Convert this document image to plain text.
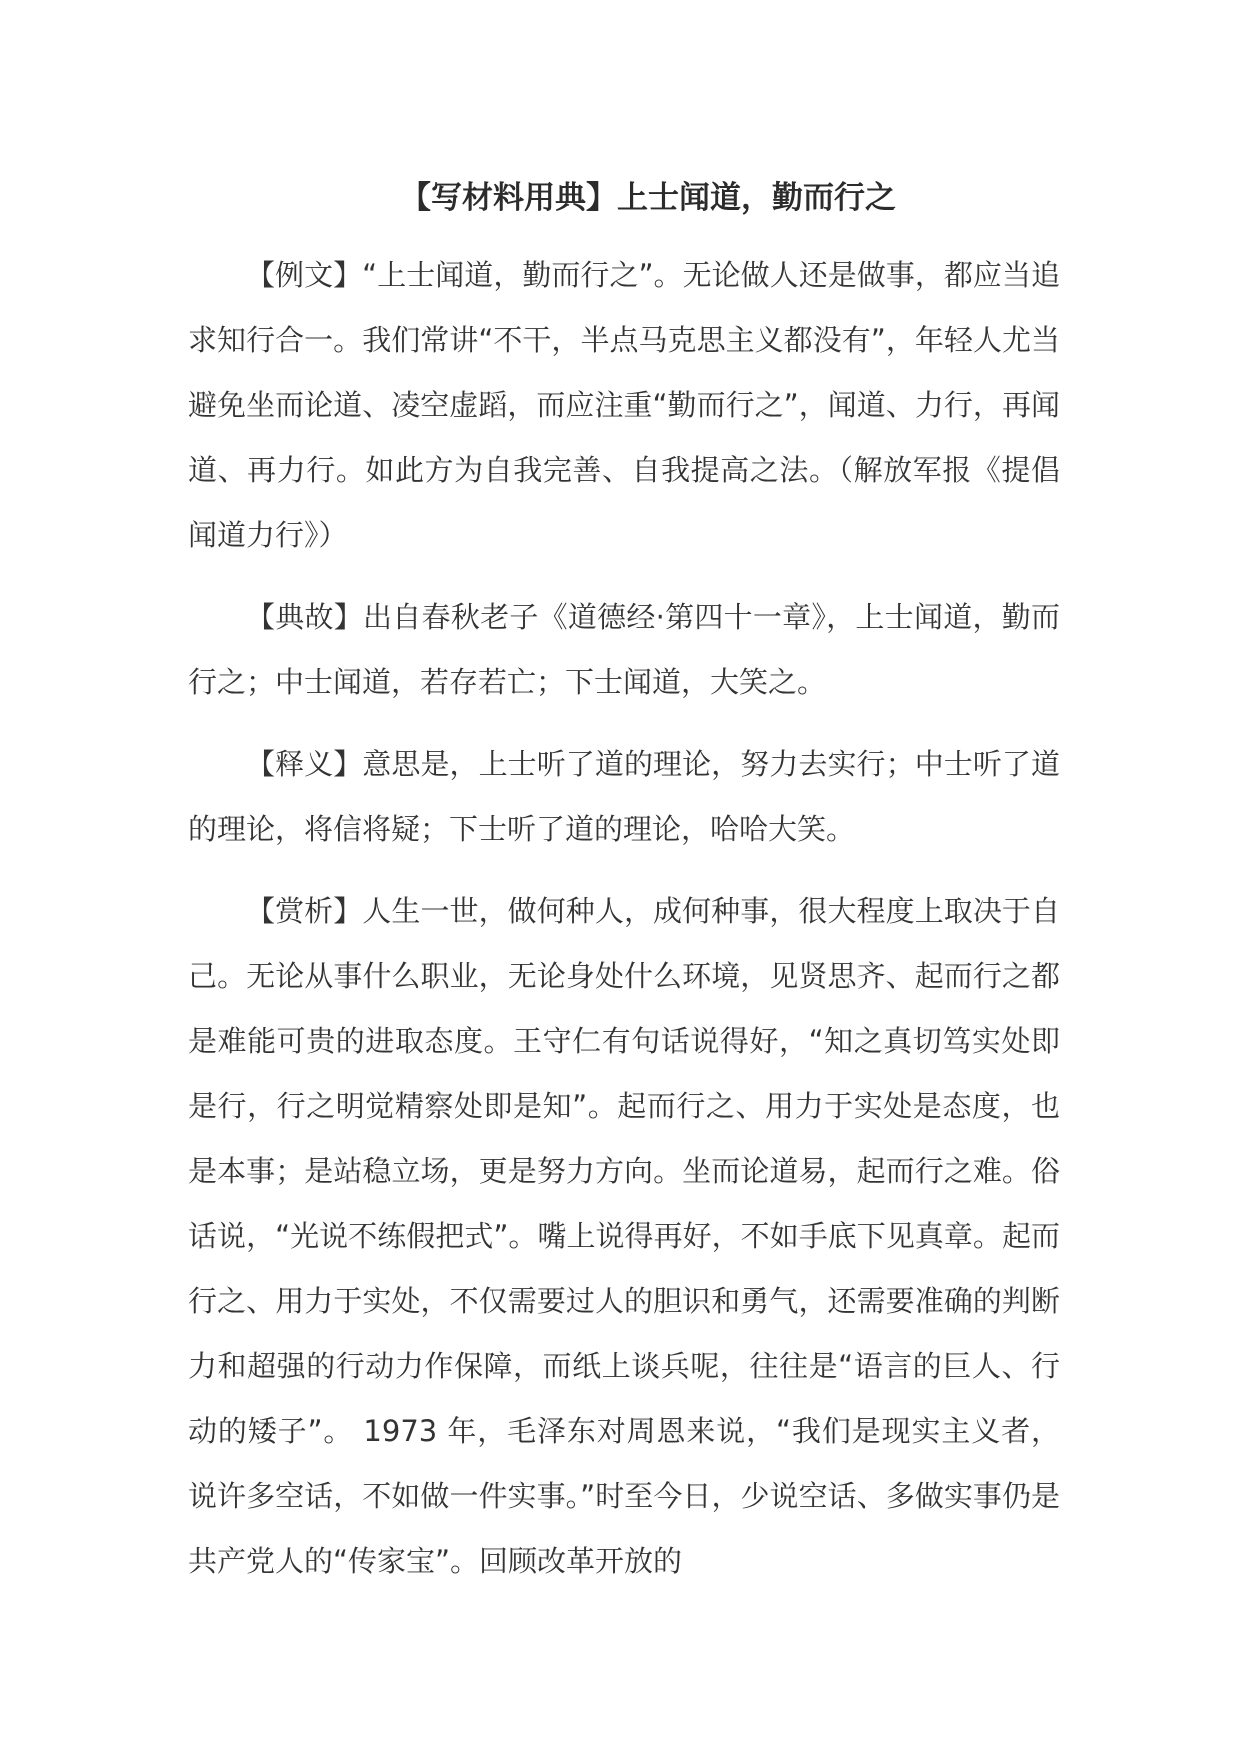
【写材料用典】上士闻道，勤而行之

【例文】“上士闻道，勤而行之”。无论做人还是做事，都应当追求知行合一。我们常讲“不干，半点马克思主义都没有”，年轻人尤当避免坐而论道、凌空虚蹈，而应注重“勤而行之”，闻道、力行，再闻道、再力行。如此方为自我完善、自我提高之法。（解放军报《提倡闻道力行》）

【典故】出自春秋老子《道德经·第四十一章》，上士闻道，勤而行之；中士闻道，若存若亡；下士闻道，大笑之。

【释义】意思是，上士听了道的理论，努力去实行；中士听了道的理论，将信将疑；下士听了道的理论，哈哈大笑。

【赏析】人生一世，做何种人，成何种事，很大程度上取决于自己。无论从事什么职业，无论身处什么环境，见贤思齐、起而行之都是难能可贵的进取态度。王守仁有句话说得好，“知之真切笃实处即是行，行之明觉精察处即是知”。起而行之、用力于实处是态度，也是本事；是站稳立场，更是努力方向。坐而论道易，起而行之难。俗话说，“光说不练假把式”。嘴上说得再好，不如手底下见真章。起而行之、用力于实处，不仅需要过人的胆识和勇气，还需要准确的判断力和超强的行动力作保障，而纸上谈兵呢，往往是“语言的巨人、行动的矮子”。 1973 年，毛泽东对周恩来说，“我们是现实主义者，说许多空话，不如做一件实事。”时至今日，少说空话、多做实事仍是共产党人的“传家宝”。回顾改革开放的
